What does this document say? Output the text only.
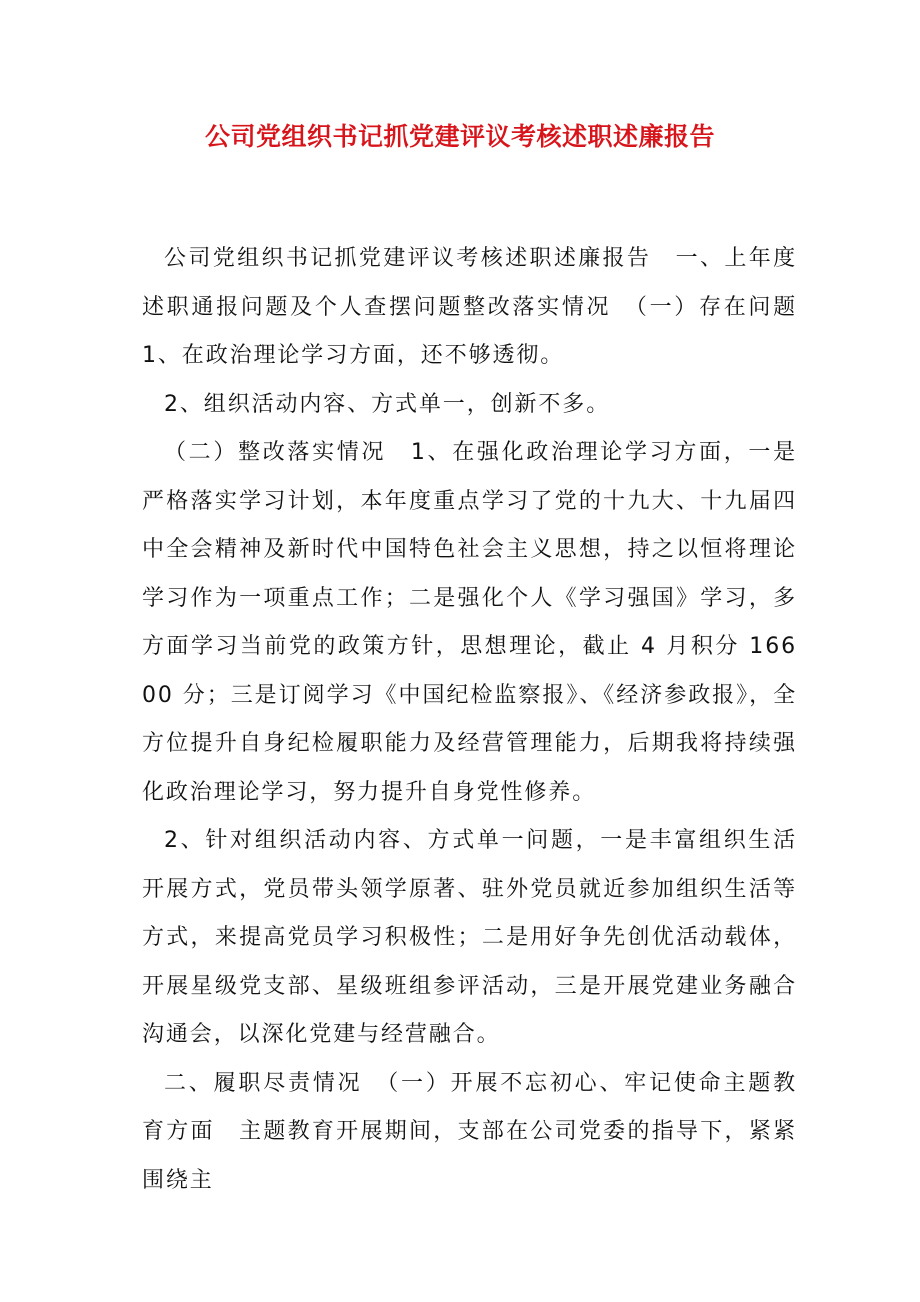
公司党组织书记抓党建评议考核述职述廉报告

公司党组织书记抓党建评议考核述职述廉报告　一、上年度述职通报问题及个人查摆问题整改落实情况　（一）存在问题　1、在政治理论学习方面，还不够透彻。

2、组织活动内容、方式单一，创新不多。

（二）整改落实情况　1、在强化政治理论学习方面，一是严格落实学习计划，本年度重点学习了党的十九大、十九届四中全会精神及新时代中国特色社会主义思想，持之以恒将理论学习作为一项重点工作；二是强化个人《学习强国》学习，多方面学习当前党的政策方针，思想理论，截止 4 月积分 16600 分；三是订阅学习《中国纪检监察报》、《经济参政报》，全方位提升自身纪检履职能力及经营管理能力，后期我将持续强化政治理论学习，努力提升自身党性修养。

2、针对组织活动内容、方式单一问题，一是丰富组织生活开展方式，党员带头领学原著、驻外党员就近参加组织生活等方式，来提高党员学习积极性；二是用好争先创优活动载体，开展星级党支部、星级班组参评活动，三是开展党建业务融合沟通会，以深化党建与经营融合。

二、履职尽责情况　（一）开展不忘初心、牢记使命主题教育方面　主题教育开展期间，支部在公司党委的指导下，紧紧围绕主
